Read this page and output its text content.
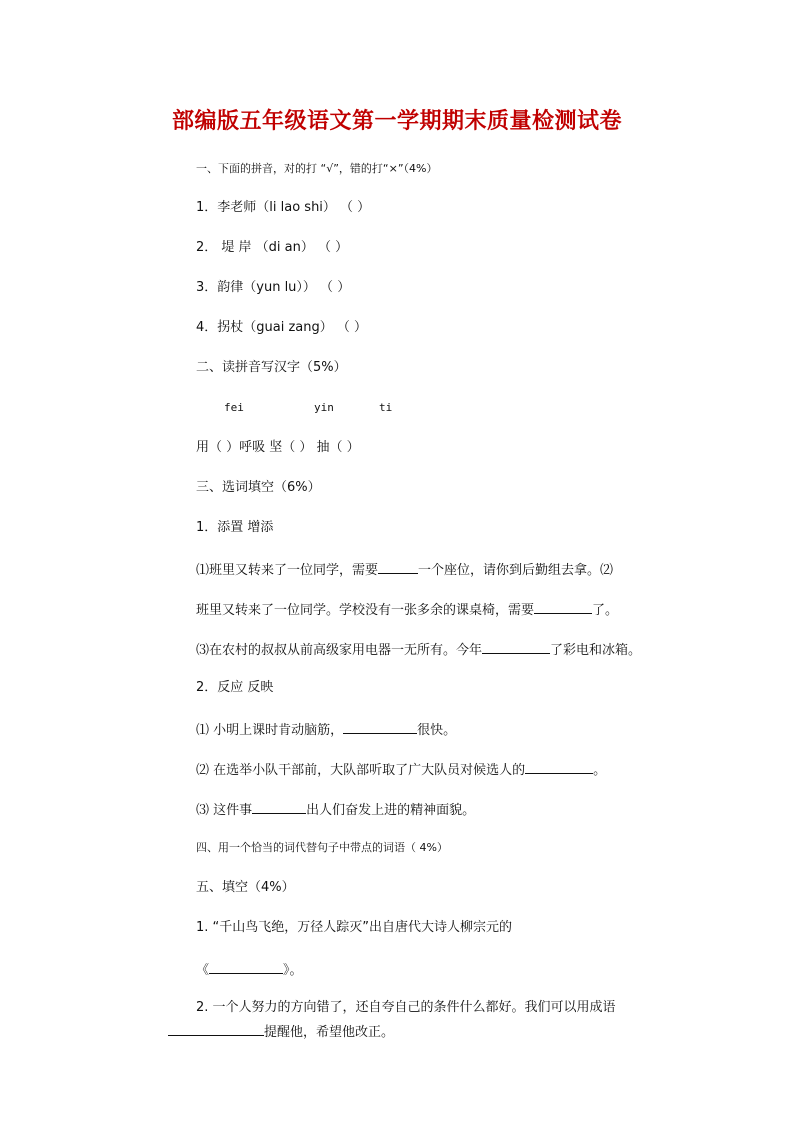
部编版五年级语文第一学期期末质量检测试卷
一、下面的拼音，对的打 “√”，错的打“×”（4%）
1．李老师（li lao shi） （ ）
2． 堤 岸 （di an） （ ）
3．韵律（yun lu）） （ ）
4．拐杖（guai zang） （ ）
二、读拼音写汉字（5%）
fei	yin	ti
用（ ）呼吸 坚（ ） 抽（ ）
三、选词填空（6%）
1．添置 增添
⑴班里又转来了一位同学，需要	一个座位，请你到后勤组去拿。⑵
班里又转来了一位同学。学校没有一张多余的课桌椅，需要	了。
⑶在农村的叔叔从前高级家用电器一无所有。今年	了彩电和冰箱。
2．反应 反映
⑴ 小明上课时肯动脑筋，	很快。
⑵ 在选举小队干部前，大队部听取了广大队员对候选人的	。
⑶ 这件事	出人们奋发上进的精神面貌。
四、用一个恰当的词代替句子中带点的词语（ 4%）
五、填空（4%）
1. “千山鸟飞绝，万径人踪灭”出自唐代大诗人柳宗元的
《	》。
2. 一个人努力的方向错了，还自夸自己的条件什么都好。我们可以用成语
提醒他，希望他改正。
